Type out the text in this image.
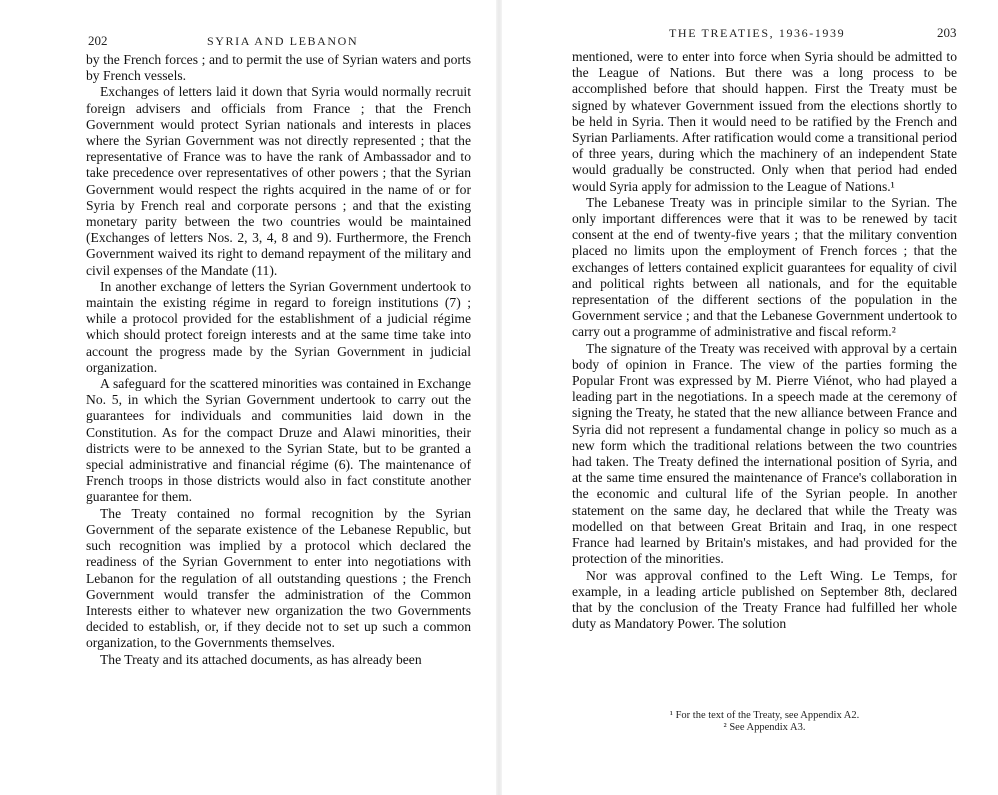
202	SYRIA AND LEBANON

by the French forces ; and to permit the use of Syrian waters and ports by French vessels.

Exchanges of letters laid it down that Syria would normally recruit foreign advisers and officials from France ; that the French Government would protect Syrian nationals and interests in places where the Syrian Government was not directly represented ; that the representative of France was to have the rank of Ambassador and to take precedence over representatives of other powers ; that the Syrian Government would respect the rights acquired in the name of or for Syria by French real and corporate persons ; and that the existing monetary parity between the two countries would be maintained (Exchanges of letters Nos. 2, 3, 4, 8 and 9). Furthermore, the French Government waived its right to demand repayment of the military and civil expenses of the Mandate (11).

In another exchange of letters the Syrian Government undertook to maintain the existing régime in regard to foreign institutions (7) ; while a protocol provided for the establishment of a judicial régime which should protect foreign interests and at the same time take into account the progress made by the Syrian Government in judicial organization.

A safeguard for the scattered minorities was contained in Exchange No. 5, in which the Syrian Government undertook to carry out the guarantees for individuals and communities laid down in the Constitution. As for the compact Druze and Alawi minorities, their districts were to be annexed to the Syrian State, but to be granted a special administrative and financial régime (6). The maintenance of French troops in those districts would also in fact constitute another guarantee for them.

The Treaty contained no formal recognition by the Syrian Government of the separate existence of the Lebanese Republic, but such recognition was implied by a protocol which declared the readiness of the Syrian Government to enter into negotiations with Lebanon for the regulation of all outstanding questions ; the French Government would transfer the administration of the Common Interests either to whatever new organization the two Governments decided to establish, or, if they decide not to set up such a common organization, to the Governments themselves.

The Treaty and its attached documents, as has already been

THE TREATIES, 1936-1939	203

mentioned, were to enter into force when Syria should be admitted to the League of Nations. But there was a long process to be accomplished before that should happen. First the Treaty must be signed by whatever Government issued from the elections shortly to be held in Syria. Then it would need to be ratified by the French and Syrian Parliaments. After ratification would come a transitional period of three years, during which the machinery of an independent State would gradually be constructed. Only when that period had ended would Syria apply for admission to the League of Nations.¹

The Lebanese Treaty was in principle similar to the Syrian. The only important differences were that it was to be renewed by tacit consent at the end of twenty-five years ; that the military convention placed no limits upon the employment of French forces ; that the exchanges of letters contained explicit guarantees for equality of civil and political rights between all nationals, and for the equitable representation of the different sections of the population in the Government service ; and that the Lebanese Government undertook to carry out a programme of administrative and fiscal reform.²

The signature of the Treaty was received with approval by a certain body of opinion in France. The view of the parties forming the Popular Front was expressed by M. Pierre Viénot, who had played a leading part in the negotiations. In a speech made at the ceremony of signing the Treaty, he stated that the new alliance between France and Syria did not represent a fundamental change in policy so much as a new form which the traditional relations between the two countries had taken. The Treaty defined the international position of Syria, and at the same time ensured the maintenance of France's collaboration in the economic and cultural life of the Syrian people. In another statement on the same day, he declared that while the Treaty was modelled on that between Great Britain and Iraq, in one respect France had learned by Britain's mistakes, and had provided for the protection of the minorities.

Nor was approval confined to the Left Wing. Le Temps, for example, in a leading article published on September 8th, declared that by the conclusion of the Treaty France had fulfilled her whole duty as Mandatory Power. The solution

¹ For the text of the Treaty, see Appendix A2.
² See Appendix A3.
